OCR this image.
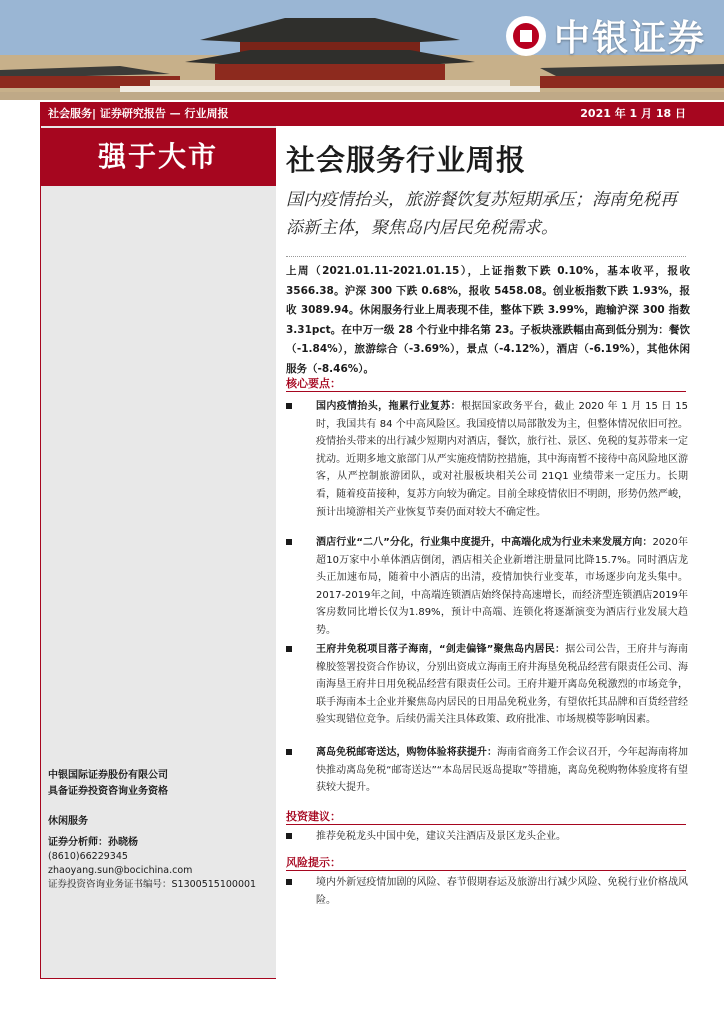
中银证券
社会服务| 证券研究报告 — 行业周报	2021 年 1 月 18 日
强于大市
中银国际证券股份有限公司
具备证券投资咨询业务资格
休闲服务
证券分析师：孙晓杨
(8610)66229345
zhaoyang.sun@bocichina.com
证券投资咨询业务证书编号：S1300515100001
社会服务行业周报
国内疫情抬头，旅游餐饮复苏短期承压；海南免税再添新主体，聚焦岛内居民免税需求。
上周（2021.01.11-2021.01.15），上证指数下跌 0.10%，基本收平，报收 3566.38。沪深 300 下跌 0.68%，报收 5458.08。创业板指数下跌 1.93%，报收 3089.94。休闲服务行业上周表现不佳，整体下跌 3.99%，跑输沪深 300 指数 3.31pct。在中万一级 28 个行业中排名第 23。子板块涨跌幅由高到低分别为：餐饮（-1.84%），旅游综合（-3.69%），景点（-4.12%），酒店（-6.19%），其他休闲服务（-8.46%）。
核心要点：
国内疫情抬头，拖累行业复苏：根据国家政务平台，截止 2020 年 1 月 15 日 15 时，我国共有 84 个中高风险区。我国疫情以局部散发为主，但整体情况依旧可控。疫情抬头带来的出行减少短期内对酒店，餐饮，旅行社、景区、免税的复苏带来一定扰动。近期多地文旅部门从严实施疫情防控措施，其中海南暂不接待中高风险地区游客，从严控制旅游团队，或对社服板块相关公司 21Q1 业绩带来一定压力。长期看，随着疫苗接种，复苏方向较为确定。目前全球疫情依旧不明朗，形势仍然严峻，预计出境游相关产业恢复节奏仍面对较大不确定性。
酒店行业“二八”分化，行业集中度提升，中高端化成为行业未来发展方向：2020年超10万家中小单体酒店倒闭，酒店相关企业新增注册量同比降15.7%。同时酒店龙头正加速布局，随着中小酒店的出清，疫情加快行业变革，市场逐步向龙头集中。2017-2019年之间，中高端连锁酒店始终保持高速增长，而经济型连锁酒店2019年客房数同比增长仅为1.89%，预计中高端、连锁化将逐渐演变为酒店行业发展大趋势。
王府井免税项目落子海南，“剑走偏锋”聚焦岛内居民：据公司公告，王府井与海南橡胶签署投资合作协议，分别出资成立海南王府井海垦免税品经营有限责任公司、海南海垦王府井日用免税品经营有限责任公司。王府井避开离岛免税激烈的市场竞争，联手海南本土企业并聚焦岛内居民的日用品免税业务，有望依托其品牌和百货经营经验实现错位竞争。后续仍需关注具体政策、政府批准、市场规模等影响因素。
离岛免税邮寄送达，购物体验将获提升：海南省商务工作会议召开，今年起海南将加快推动离岛免税“邮寄送达”“本岛居民返岛提取”等措施，离岛免税购物体验度将有望获较大提升。
投资建议：
推荐免税龙头中国中免，建议关注酒店及景区龙头企业。
风险提示：
境内外新冠疫情加剧的风险、春节假期春运及旅游出行减少风险、免税行业价格战风险。
